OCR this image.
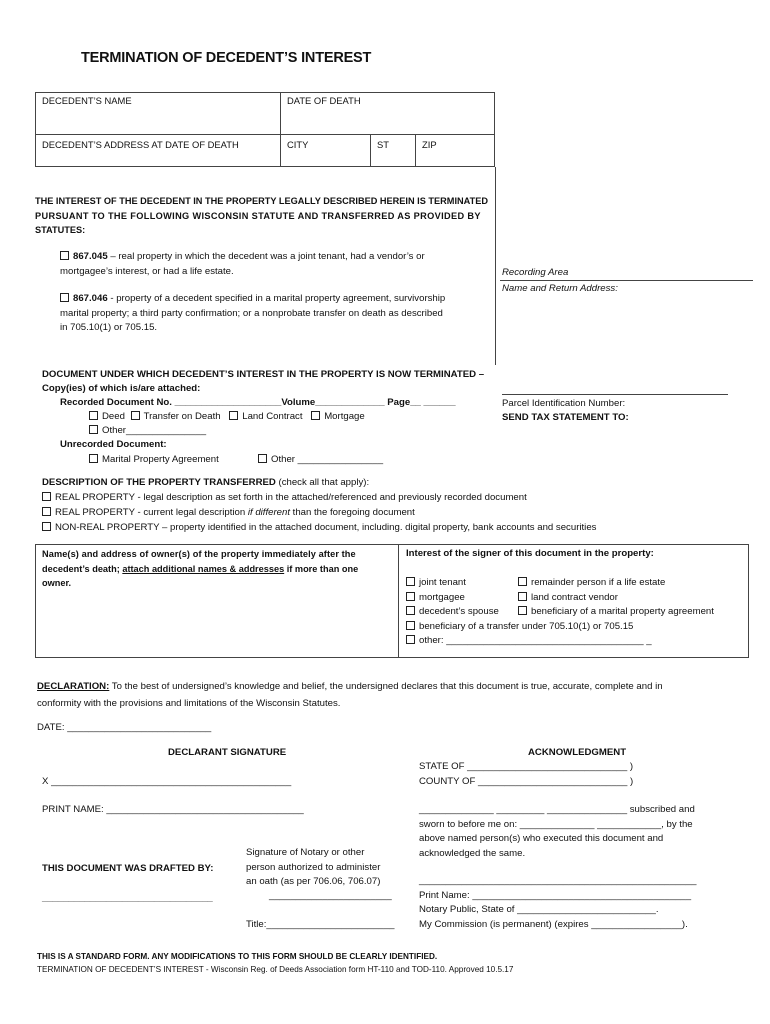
TERMINATION OF DECEDENT’S INTEREST
DECEDENT’S NAME	DATE OF DEATH
DECEDENT’S ADDRESS AT DATE OF DEATH	CITY	ST	ZIP
THE INTEREST OF THE DECEDENT IN THE PROPERTY LEGALLY DESCRIBED HEREIN IS TERMINATED
PURSUANT TO THE FOLLOWING WISCONSIN STATUTE AND TRANSFERRED AS PROVIDED BY
STATUTES:
867.045 – real property in which the decedent was a joint tenant, had a vendor’s or
mortgagee’s interest, or had a life estate.
867.046 - property of a decedent specified in a marital property agreement, survivorship
marital property; a third party confirmation; or a nonprobate transfer on death as described
in 705.10(1) or 705.15.
Recording Area
Name and Return Address:
Parcel Identification Number:
SEND TAX STATEMENT TO:
DOCUMENT UNDER WHICH DECEDENT’S INTEREST IN THE PROPERTY IS NOW TERMINATED –
Copy(ies) of which is/are attached:
Recorded Document No. ____________________Volume_____________ Page__ ______
Deed Transfer on Death Land Contract Mortgage
Other_______________
Unrecorded Document:
Marital Property Agreement	Other ________________
DESCRIPTION OF THE PROPERTY TRANSFERRED (check all that apply):
REAL PROPERTY - legal description as set forth in the attached/referenced and previously recorded document
REAL PROPERTY - current legal description if different than the foregoing document
NON-REAL PROPERTY – property identified in the attached document, including. digital property, bank accounts and securities
Name(s) and address of owner(s) of the property immediately after the
decedent’s death; attach additional names & addresses if more than one
owner.
Interest of the signer of this document in the property:
joint tenant
mortgagee
decedent’s spouse
beneficiary of a transfer under 705.10(1) or 705.15
other: _____________________________________ _
remainder person if a life estate
land contract vendor
beneficiary of a marital property agreement
DECLARATION: To the best of undersigned’s knowledge and belief, the undersigned declares that this document is true, accurate, complete and in
conformity with the provisions and limitations of the Wisconsin Statutes.
DATE: ___________________________
DECLARANT SIGNATURE
X _____________________________________________
PRINT NAME: _____________________________________
THIS DOCUMENT WAS DRAFTED BY:
________________________________
Signature of Notary or other
person authorized to administer
an oath (as per 706.06, 706.07)
_______________________
Title:________________________
ACKNOWLEDGMENT
STATE OF ______________________________ )
COUNTY OF ____________________________ )
______________ _________ _______________ subscribed and
sworn to before me on: ______________ ____________, by the
above named person(s) who executed this document and
acknowledged the same.
____________________________________________________
Print Name: _________________________________________
Notary Public, State of __________________________.
My Commission (is permanent) (expires _________________).
THIS IS A STANDARD FORM. ANY MODIFICATIONS TO THIS FORM SHOULD BE CLEARLY IDENTIFIED.
TERMINATION OF DECEDENT’S INTEREST - Wisconsin Reg. of Deeds Association form HT-110 and TOD-110. Approved 10.5.17
